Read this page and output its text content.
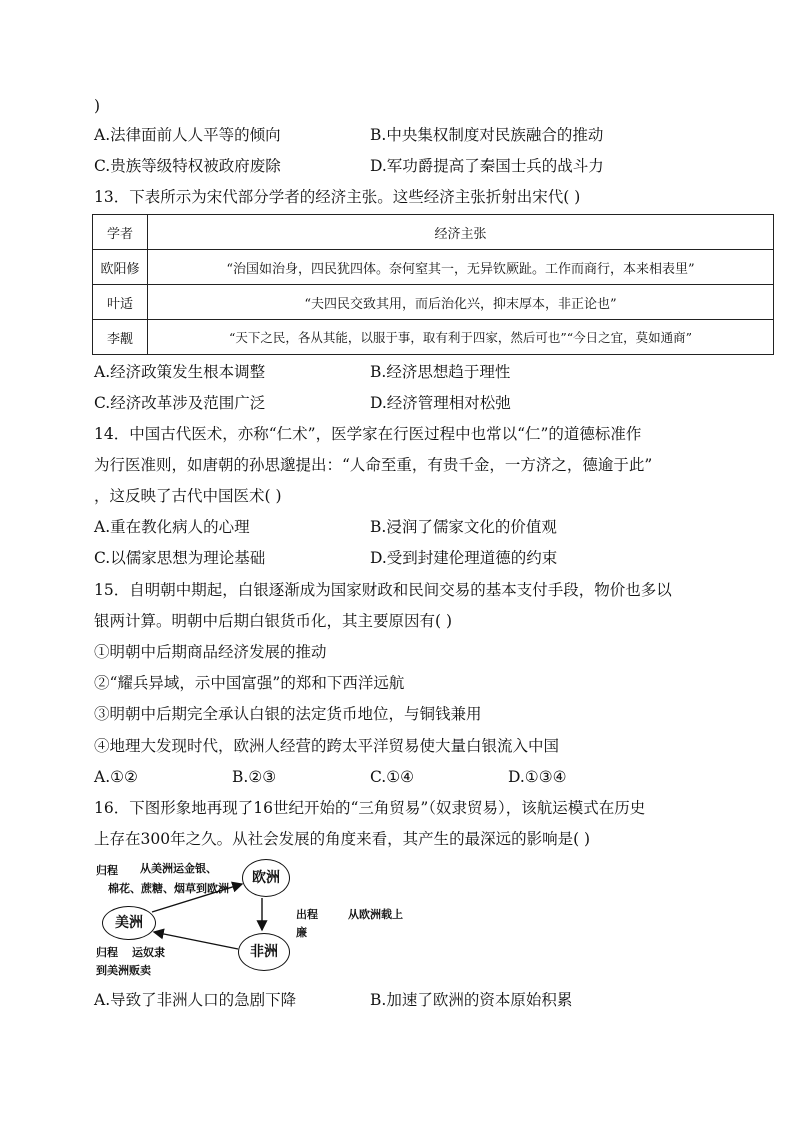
)
A.法律面前人人平等的倾向	B.中央集权制度对民族融合的推动
C.贵族等级特权被政府废除	D.军功爵提高了秦国士兵的战斗力
13．下表所示为宋代部分学者的经济主张。这些经济主张折射出宋代( )
学者	经济主张
欧阳修	“治国如治身，四民犹四体。奈何窒其一，无异钦厥趾。工作而商行，本来相表里”
叶适	“夫四民交致其用，而后治化兴，抑末厚本，非正论也”
李觏	“天下之民，各从其能，以服于事，取有利于四家，然后可也”“今日之宜，莫如通商”
A.经济政策发生根本调整	B.经济思想趋于理性
C.经济改革涉及范围广泛	D.经济管理相对松弛
14．中国古代医术，亦称“仁术”，医学家在行医过程中也常以“仁”的道德标准作
为行医准则，如唐朝的孙思邈提出：“人命至重，有贵千金，一方济之，德逾于此”
，这反映了古代中国医术( )
A.重在教化病人的心理	B.浸润了儒家文化的价值观
C.以儒家思想为理论基础	D.受到封建伦理道德的约束
15．自明朝中期起，白银逐渐成为国家财政和民间交易的基本支付手段，物价也多以
银两计算。明朝中后期白银货币化，其主要原因有( )
①明朝中后期商品经济发展的推动
②“耀兵异域，示中国富强”的郑和下西洋远航
③明朝中后期完全承认白银的法定货币地位，与铜钱兼用
④地理大发现时代，欧洲人经营的跨太平洋贸易使大量白银流入中国
A.①②	B.②③	C.①④	D.①③④
16．下图形象地再现了16世纪开始的“三角贸易”（奴隶贸易），该航运模式在历史
上存在300年之久。从社会发展的角度来看，其产生的最深远的影响是( )
欧洲
美洲
非洲
归程 从美洲运金银、
棉花、蔗糖、烟草到欧洲
出程	从欧洲载上
廉
归程 运奴隶
到美洲贩卖
A.导致了非洲人口的急剧下降	B.加速了欧洲的资本原始积累
